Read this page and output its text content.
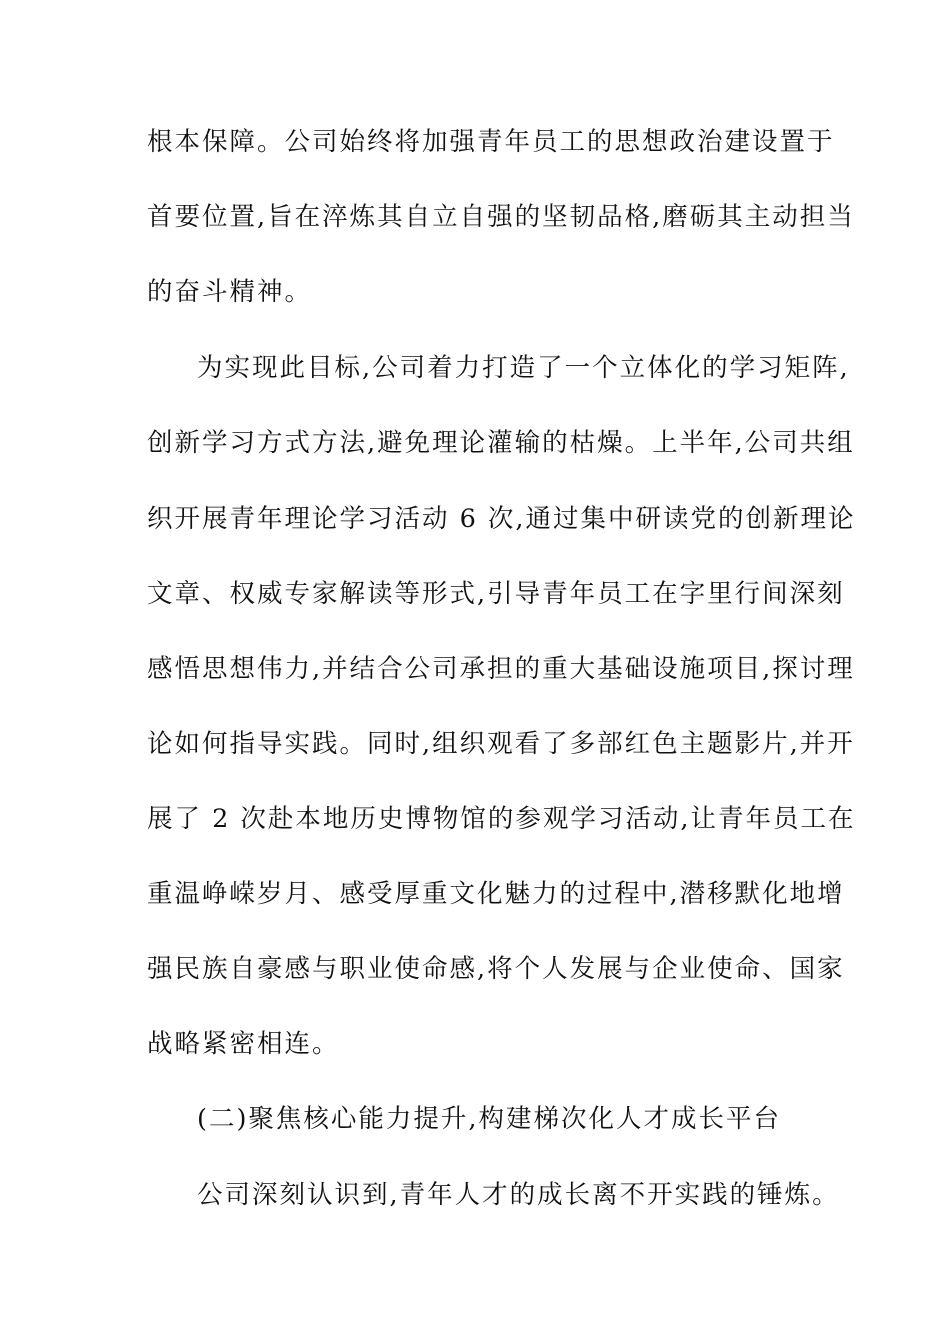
根本保障。公司始终将加强青年员工的思想政治建设置于
首要位置,旨在淬炼其自立自强的坚韧品格,磨砺其主动担当
的奋斗精神。
为实现此目标,公司着力打造了一个立体化的学习矩阵,
创新学习方式方法,避免理论灌输的枯燥。上半年,公司共组
织开展青年理论学习活动 6 次,通过集中研读党的创新理论
文章、权威专家解读等形式,引导青年员工在字里行间深刻
感悟思想伟力,并结合公司承担的重大基础设施项目,探讨理
论如何指导实践。同时,组织观看了多部红色主题影片,并开
展了 2 次赴本地历史博物馆的参观学习活动,让青年员工在
重温峥嵘岁月、感受厚重文化魅力的过程中,潜移默化地增
强民族自豪感与职业使命感,将个人发展与企业使命、国家
战略紧密相连。
(二)聚焦核心能力提升,构建梯次化人才成长平台
公司深刻认识到,青年人才的成长离不开实践的锤炼。
